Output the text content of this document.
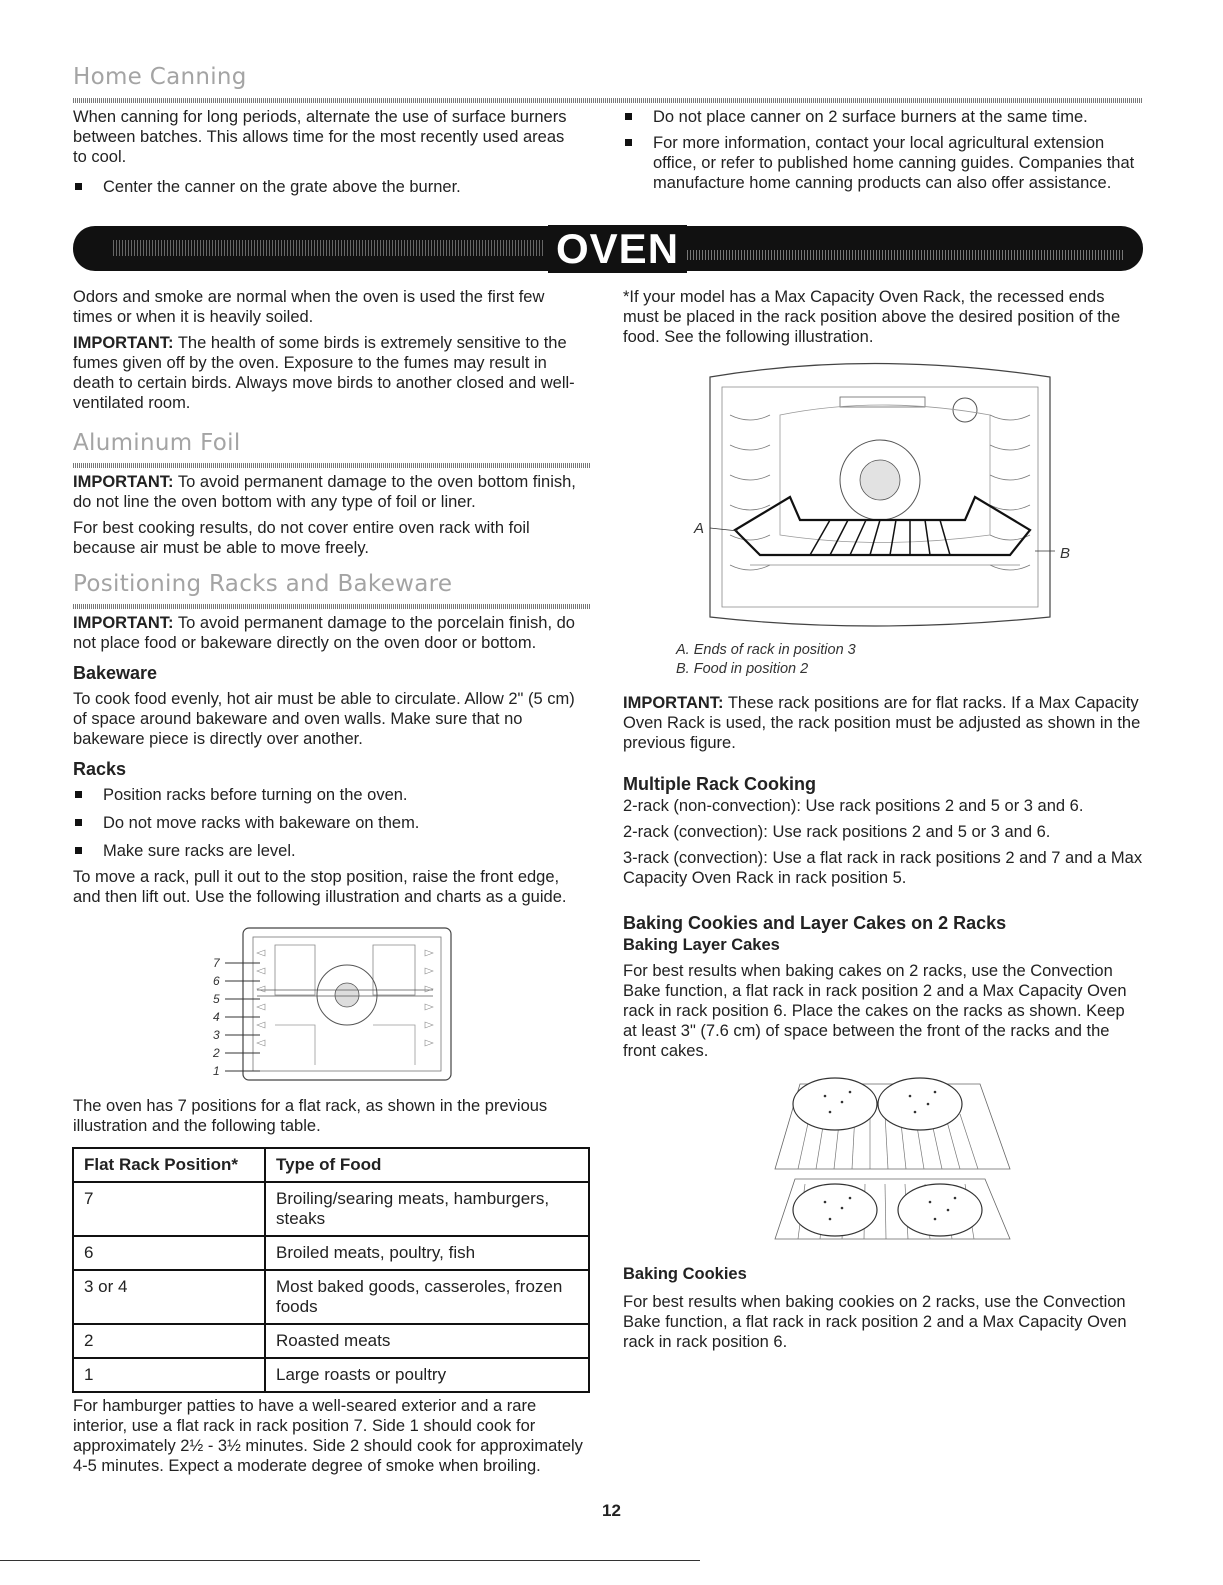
Home Canning

When canning for long periods, alternate the use of surface burners between batches. This allows time for the most recently used areas to cool.

Center the canner on the grate above the burner.

Do not place canner on 2 surface burners at the same time.

For more information, contact your local agricultural extension office, or refer to published home canning guides. Companies that manufacture home canning products can also offer assistance.

OVEN

Odors and smoke are normal when the oven is used the first few times or when it is heavily soiled.

IMPORTANT: The health of some birds is extremely sensitive to the fumes given off by the oven. Exposure to the fumes may result in death to certain birds. Always move birds to another closed and well-ventilated room.

Aluminum Foil

IMPORTANT: To avoid permanent damage to the oven bottom finish, do not line the oven bottom with any type of foil or liner.

For best cooking results, do not cover entire oven rack with foil because air must be able to move freely.

Positioning Racks and Bakeware

IMPORTANT: To avoid permanent damage to the porcelain finish, do not place food or bakeware directly on the oven door or bottom.

Bakeware

To cook food evenly, hot air must be able to circulate. Allow 2" (5 cm) of space around bakeware and oven walls. Make sure that no bakeware piece is directly over another.

Racks

Position racks before turning on the oven.

Do not move racks with bakeware on them.

Make sure racks are level.

To move a rack, pull it out to the stop position, raise the front edge, and then lift out. Use the following illustration and charts as a guide.

7
6
5
4
3
2
1
The oven has 7 positions for a flat rack, as shown in the previous illustration and the following table.
Flat Rack Position*	Type of Food
7	Broiling/searing meats, hamburgers, steaks
6	Broiled meats, poultry, fish
3 or 4	Most baked goods, casseroles, frozen foods
2	Roasted meats
1	Large roasts or poultry
For hamburger patties to have a well-seared exterior and a rare interior, use a flat rack in rack position 7. Side 1 should cook for approximately 2½ - 3½ minutes. Side 2 should cook for approximately 4-5 minutes. Expect a moderate degree of smoke when broiling.
*If your model has a Max Capacity Oven Rack, the recessed ends must be placed in the rack position above the desired position of the food. See the following illustration.
A
B
A. Ends of rack in position 3
B. Food in position 2
IMPORTANT: These rack positions are for flat racks. If a Max Capacity Oven Rack is used, the rack position must be adjusted as shown in the previous figure.

Multiple Rack Cooking

2-rack (non-convection): Use rack positions 2 and 5 or 3 and 6.

2-rack (convection): Use rack positions 2 and 5 or 3 and 6.

3-rack (convection): Use a flat rack in rack positions 2 and 7 and a Max Capacity Oven Rack in rack position 5.

Baking Cookies and Layer Cakes on 2 Racks

Baking Layer Cakes

For best results when baking cakes on 2 racks, use the Convection Bake function, a flat rack in rack position 2 and a Max Capacity Oven rack in rack position 6. Place the cakes on the racks as shown. Keep at least 3" (7.6 cm) of space between the front of the racks and the front cakes.

Baking Cookies

For best results when baking cookies on 2 racks, use the Convection Bake function, a flat rack in rack position 2 and a Max Capacity Oven rack in rack position 6.

12
